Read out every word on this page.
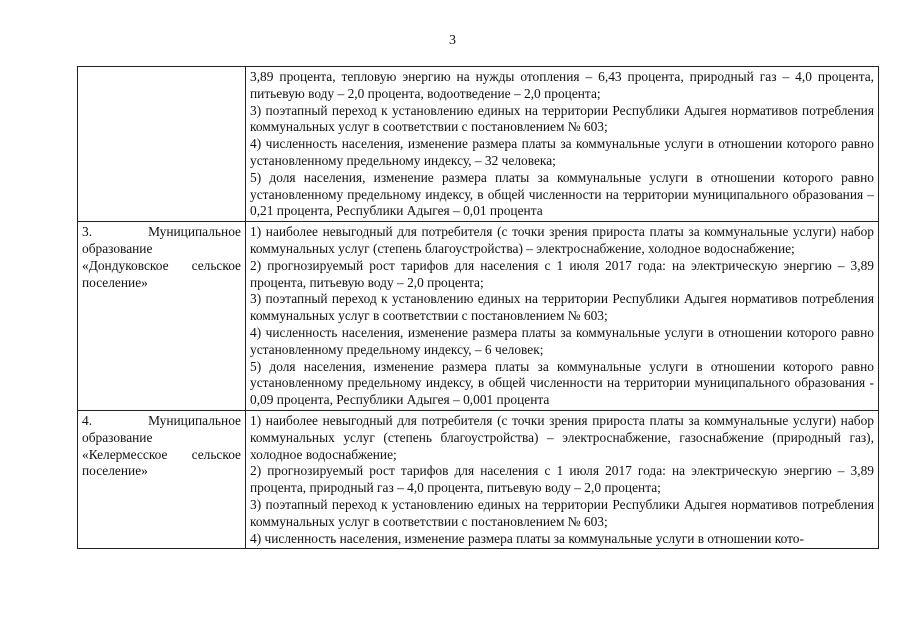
3

	3,89 процента, тепловую энергию на нужды отопления – 6,43 процента, природный газ – 4,0 процента, питьевую воду – 2,0 процента, водоотведение – 2,0 процента;

3) поэтапный переход к установлению единых на территории Республики Адыгея нормативов потребления коммунальных услуг в соответствии с постановлением № 603;

4) численность населения, изменение размера платы за коммунальные услуги в отношении которого равно установленному предельному индексу, – 32 человека;

5) доля населения, изменение размера платы за коммунальные услуги в отношении которого равно установленному предельному индексу, в общей численности на территории муниципального образования – 0,21 процента, Республики Адыгея – 0,01 процента

3. Муниципальное образование «Дондуковское сельское поселение»	1) наиболее невыгодный для потребителя (с точки зрения прироста платы за коммунальные услуги) набор коммунальных услуг (степень благоустройства) – электроснабжение, холодное водоснабжение;

2) прогнозируемый рост тарифов для населения с 1 июля 2017 года: на электрическую энергию – 3,89 процента, питьевую воду – 2,0 процента;

3) поэтапный переход к установлению единых на территории Республики Адыгея нормативов потребления коммунальных услуг в соответствии с постановлением № 603;

4) численность населения, изменение размера платы за коммунальные услуги в отношении которого равно установленному предельному индексу, – 6 человек;

5) доля населения, изменение размера платы за коммунальные услуги в отношении которого равно установленному предельному индексу, в общей численности на территории муниципального образования - 0,09 процента, Республики Адыгея – 0,001 процента

4. Муниципальное образование «Келермесское сельское поселение»	1) наиболее невыгодный для потребителя (с точки зрения прироста платы за коммунальные услуги) набор коммунальных услуг (степень благоустройства) – электроснабжение, газоснабжение (природный газ), холодное водоснабжение;

2) прогнозируемый рост тарифов для населения с 1 июля 2017 года: на электрическую энергию – 3,89 процента, природный газ – 4,0 процента, питьевую воду – 2,0 процента;

3) поэтапный переход к установлению единых на территории Республики Адыгея нормативов потребления коммунальных услуг в соответствии с постановлением № 603;

4) численность населения, изменение размера платы за коммунальные услуги в отношении кото-
